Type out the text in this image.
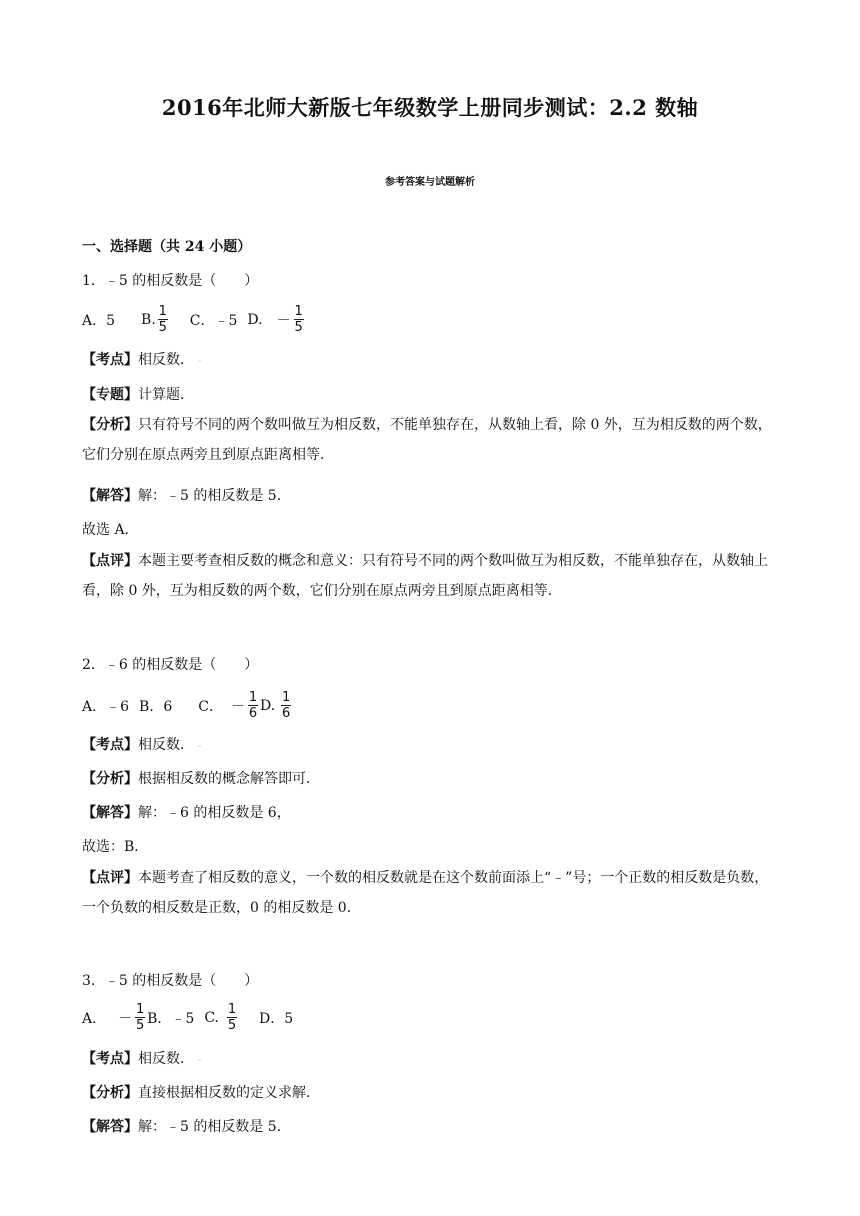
2016年北师大新版七年级数学上册同步测试：2.2 数轴
参考答案与试题解析
一、选择题（共 24 小题）
1．﹣5 的相反数是（　　）
A．5 B. $\frac{1}{5}$ C．﹣5 D. － $\frac{1}{5}$
【考点】相反数． -
【专题】计算题．
【分析】只有符号不同的两个数叫做互为相反数，不能单独存在，从数轴上看，除 0 外，互为相反数的两个数，它们分别在原点两旁且到原点距离相等．
【解答】解：﹣5 的相反数是 5．
故选 A．
【点评】本题主要考查相反数的概念和意义：只有符号不同的两个数叫做互为相反数，不能单独存在，从数轴上看，除 0 外，互为相反数的两个数，它们分别在原点两旁且到原点距离相等．
2．﹣6 的相反数是（　　）
A．﹣6 B．6 C． － $\frac{1}{6} D$. $\frac{1}{6}$
【考点】相反数． -
【分析】根据相反数的概念解答即可．
【解答】解：﹣6 的相反数是 6，
故选：B．
【点评】本题考查了相反数的意义，一个数的相反数就是在这个数前面添上“﹣”号；一个正数的相反数是负数，一个负数的相反数是正数，0 的相反数是 0．
3．﹣5 的相反数是（　　）
A． － $\frac{1}{5}$ B．﹣5 C. $\frac{1}{5}$ D．5
【考点】相反数． -
【分析】直接根据相反数的定义求解．
【解答】解：﹣5 的相反数是 5．
